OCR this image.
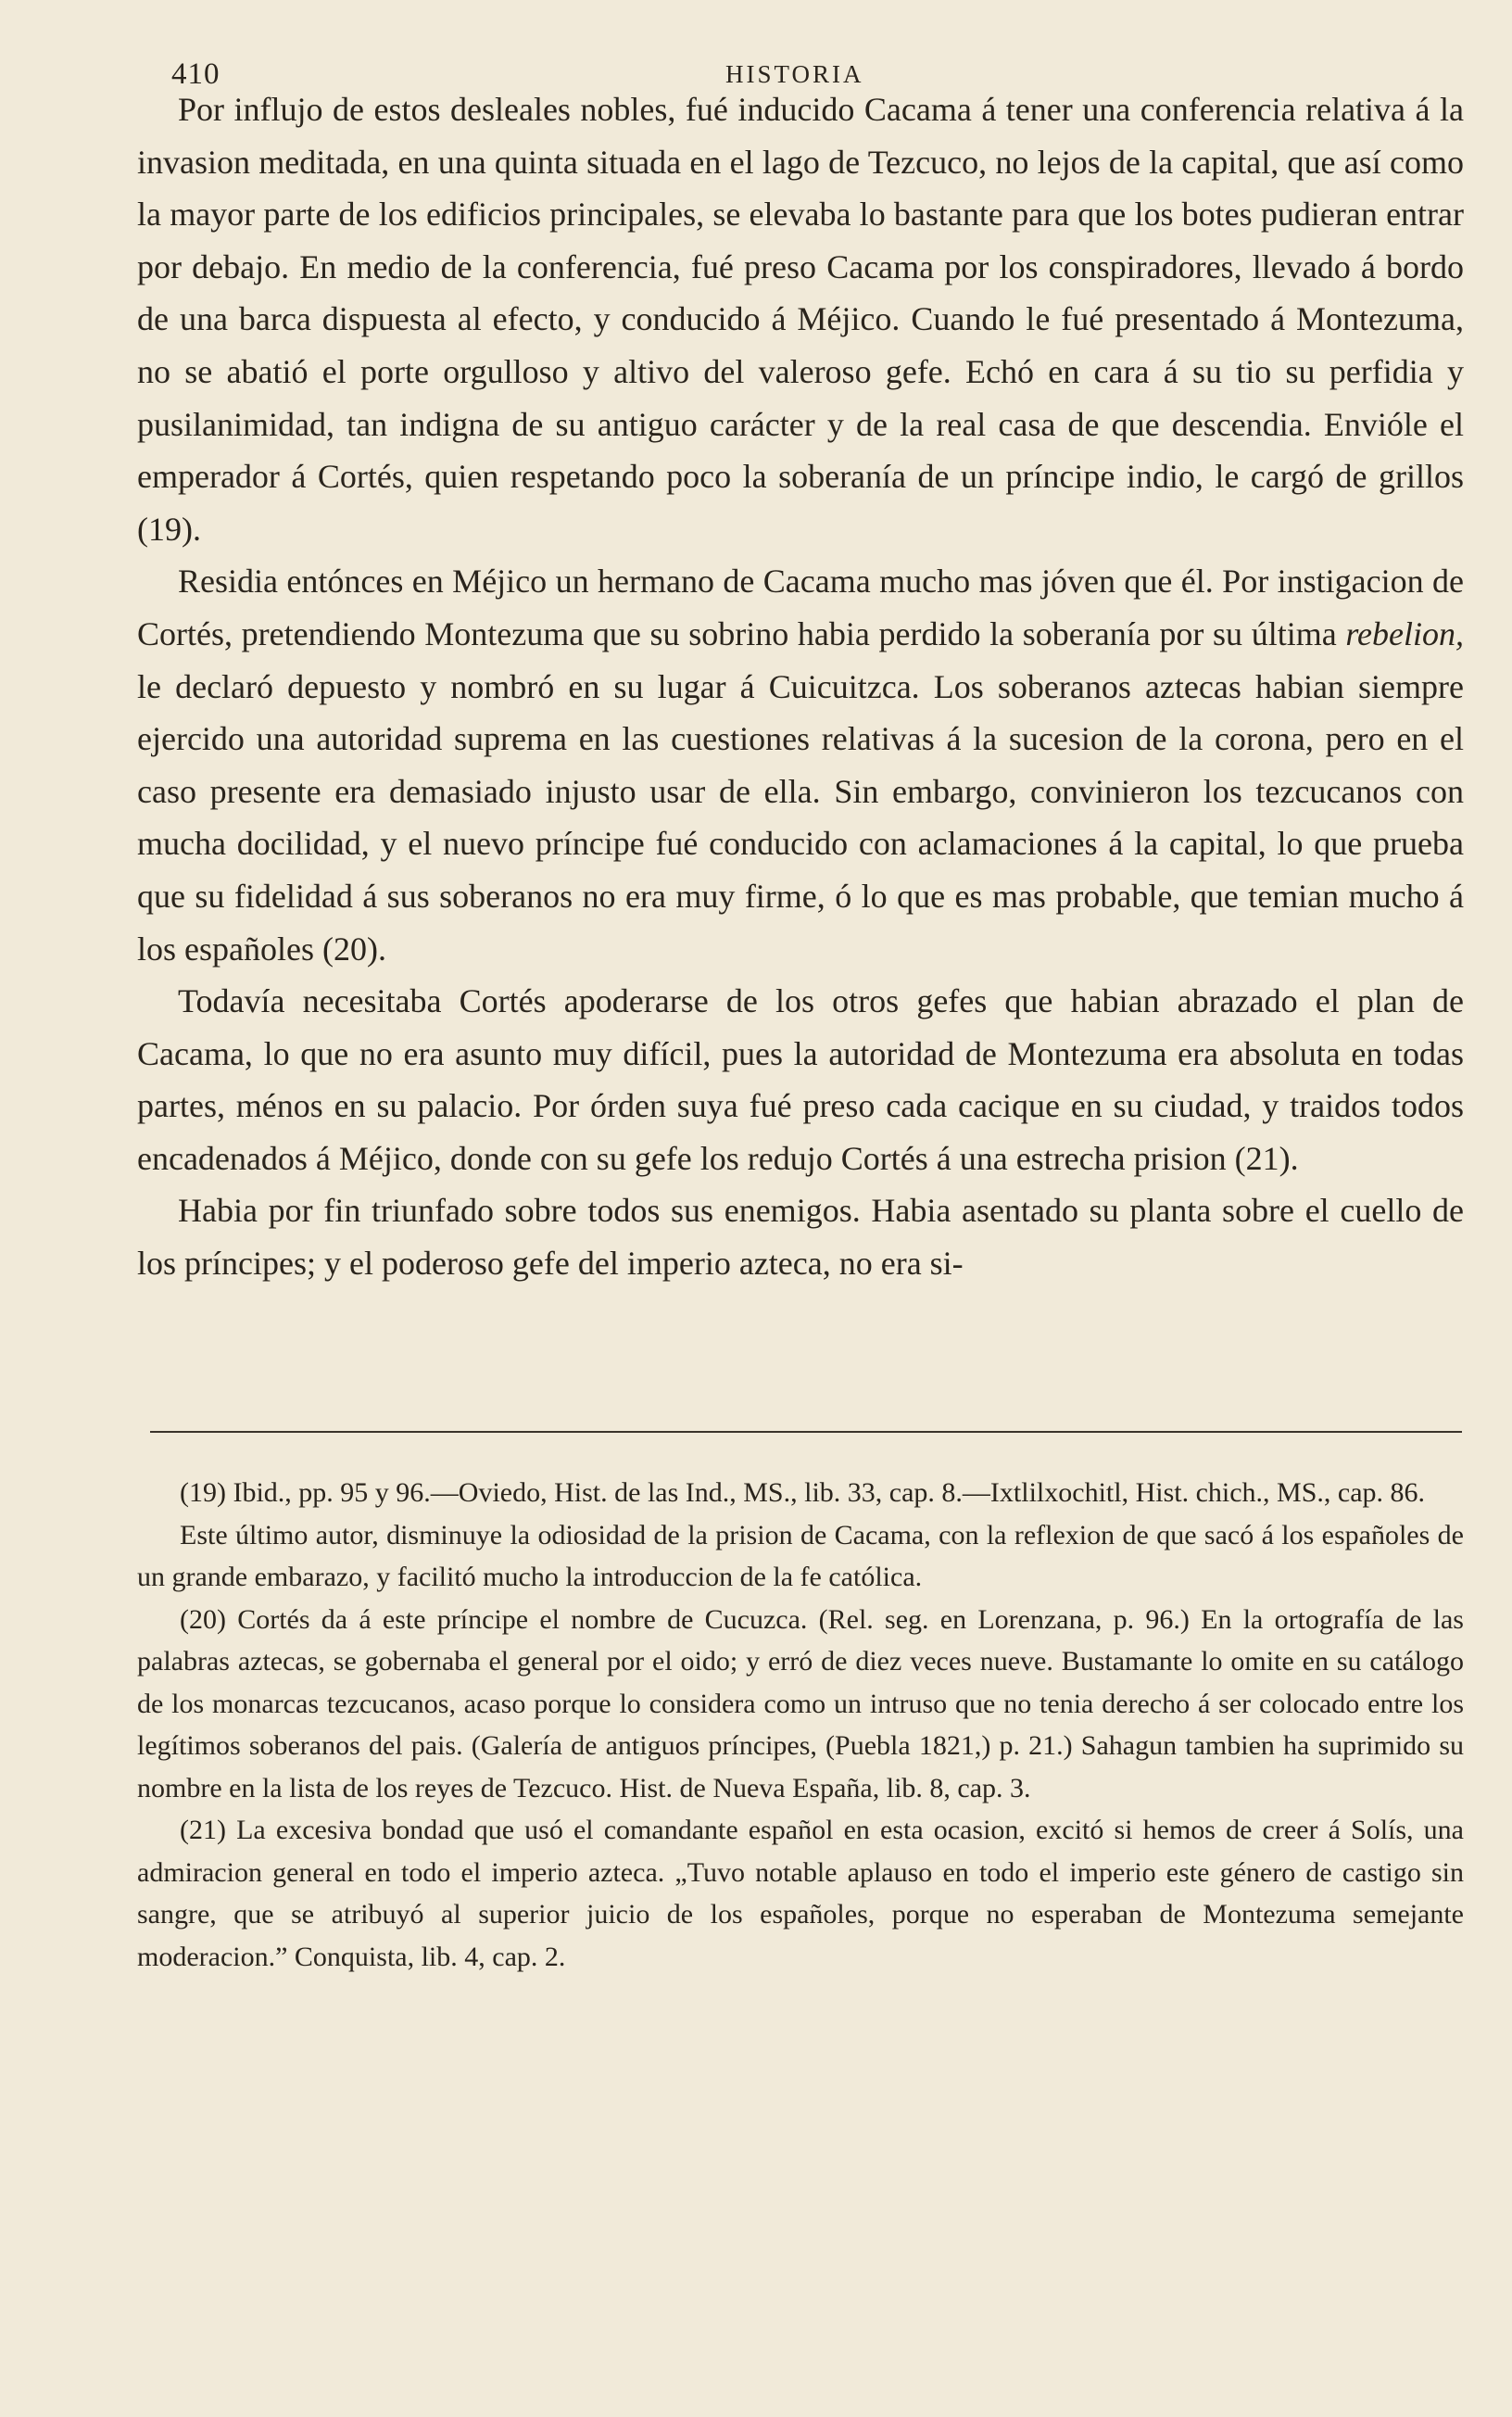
410	HISTORIA

Por influjo de estos desleales nobles, fué inducido Cacama á tener una conferencia relativa á la invasion meditada, en una quinta situada en el lago de Tezcuco, no lejos de la capital, que así como la mayor parte de los edificios principales, se elevaba lo bastante para que los botes pudieran entrar por debajo. En medio de la conferencia, fué preso Cacama por los conspiradores, llevado á bordo de una barca dispuesta al efecto, y conducido á Méjico. Cuando le fué presentado á Montezuma, no se abatió el porte orgulloso y altivo del valeroso gefe. Echó en cara á su tio su perfidia y pusilanimidad, tan indigna de su antiguo carácter y de la real casa de que descendia. Envióle el emperador á Cortés, quien respetando poco la soberanía de un príncipe indio, le cargó de grillos (19).

Residia entónces en Méjico un hermano de Cacama mucho mas jóven que él. Por instigacion de Cortés, pretendiendo Montezuma que su sobrino habia perdido la soberanía por su última rebelion, le declaró depuesto y nombró en su lugar á Cuicuitzca. Los soberanos aztecas habian siempre ejercido una autoridad suprema en las cuestiones relativas á la sucesion de la corona, pero en el caso presente era demasiado injusto usar de ella. Sin embargo, convinieron los tezcucanos con mucha docilidad, y el nuevo príncipe fué conducido con aclamaciones á la capital, lo que prueba que su fidelidad á sus soberanos no era muy firme, ó lo que es mas probable, que temian mucho á los españoles (20).

Todavía necesitaba Cortés apoderarse de los otros gefes que habian abrazado el plan de Cacama, lo que no era asunto muy difícil, pues la autoridad de Montezuma era absoluta en todas partes, ménos en su palacio. Por órden suya fué preso cada cacique en su ciudad, y traidos todos encadenados á Méjico, donde con su gefe los redujo Cortés á una estrecha prision (21).

Habia por fin triunfado sobre todos sus enemigos. Habia asentado su planta sobre el cuello de los príncipes; y el poderoso gefe del imperio azteca, no era si-

(19) Ibid., pp. 95 y 96.—Oviedo, Hist. de las Ind., MS., lib. 33, cap. 8.—Ixtlilxochitl, Hist. chich., MS., cap. 86.

Este último autor, disminuye la odiosidad de la prision de Cacama, con la reflexion de que sacó á los españoles de un grande embarazo, y facilitó mucho la introduccion de la fe católica.

(20) Cortés da á este príncipe el nombre de Cucuzca. (Rel. seg. en Lorenzana, p. 96.) En la ortografía de las palabras aztecas, se gobernaba el general por el oido; y erró de diez veces nueve. Bustamante lo omite en su catálogo de los monarcas tezcucanos, acaso porque lo considera como un intruso que no tenia derecho á ser colocado entre los legítimos soberanos del pais. (Galería de antiguos príncipes, (Puebla 1821,) p. 21.) Sahagun tambien ha suprimido su nombre en la lista de los reyes de Tezcuco. Hist. de Nueva España, lib. 8, cap. 3.

(21) La excesiva bondad que usó el comandante español en esta ocasion, excitó si hemos de creer á Solís, una admiracion general en todo el imperio azteca. „Tuvo notable aplauso en todo el imperio este género de castigo sin sangre, que se atribuyó al superior juicio de los españoles, porque no esperaban de Montezuma semejante moderacion.” Conquista, lib. 4, cap. 2.
